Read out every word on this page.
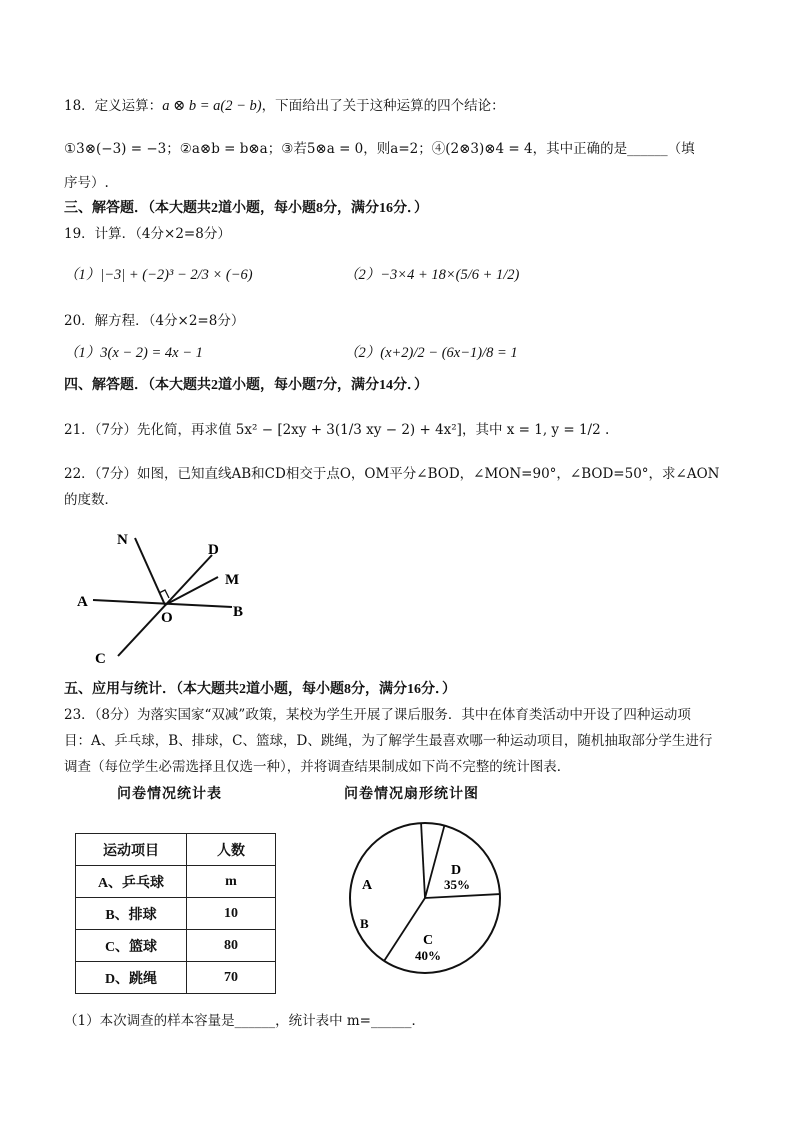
18．定义运算：a ⊗ b = a(2 − b)，下面给出了关于这种运算的四个结论：
①3⊗(−3) = −3；②a⊗b = b⊗a；③若5⊗a = 0，则a=2；④(2⊗3)⊗4 = 4，其中正确的是______（填
序号）.
三、解答题．（本大题共2道小题，每小题8分，满分16分．）
19．计算．（4分×2=8分）
（1）|−3| + (−2)³ − 2/3 × (−6)	（2）−3×4 + 18×(5/6 + 1/2)
20．解方程．（4分×2=8分）
（1）3(x − 2) = 4x − 1	（2）(x+2)/2 − (6x−1)/8 = 1
四、解答题．（本大题共2道小题，每小题7分，满分14分．）
21．（7分）先化简，再求值 5x² − [2xy + 3(1/3 xy − 2) + 4x²]，其中 x = 1, y = 1/2 .
22．（7分）如图，已知直线AB和CD相交于点O，OM平分∠BOD，∠MON=90°，∠BOD=50°，求∠AON
的度数．
N
D
M
A
O	B
C
五、应用与统计．（本大题共2道小题，每小题8分，满分16分．）
23．（8分）为落实国家“双减”政策，某校为学生开展了课后服务．其中在体育类活动中开设了四种运动项
目：A、乒乓球，B、排球，C、篮球，D、跳绳，为了解学生最喜欢哪一种运动项目，随机抽取部分学生进行
调查（每位学生必需选择且仅选一种），并将调查结果制成如下尚不完整的统计图表．
问卷情况统计表	问卷情况扇形统计图
运动项目	人数
A、乒乓球	m
B、排球	10
C、篮球	80
D、跳绳	70
A
B
C
40%
D
35%
（1）本次调查的样本容量是______，统计表中 m=______．
